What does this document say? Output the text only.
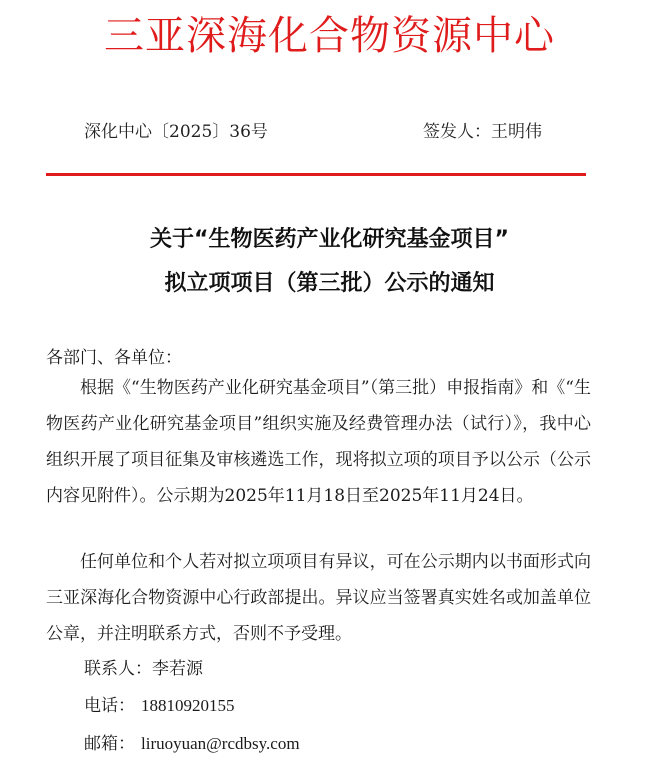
三亚深海化合物资源中心
深化中心〔2025〕36号	签发人：王明伟
关于“生物医药产业化研究基金项目”
拟立项项目（第三批）公示的通知
各部门、各单位：

根据《“生物医药产业化研究基金项目”（第三批）申报指南》和《“生物医药产业化研究基金项目”组织实施及经费管理办法（试行）》，我中心组织开展了项目征集及审核遴选工作，现将拟立项的项目予以公示（公示内容见附件）。公示期为2025年11月18日至2025年11月24日。

任何单位和个人若对拟立项项目有异议，可在公示期内以书面形式向三亚深海化合物资源中心行政部提出。异议应当签署真实姓名或加盖单位公章，并注明联系方式，否则不予受理。

联系人：李若源
电话： 18810920155
邮箱： liruoyuan@rcdbsy.com
